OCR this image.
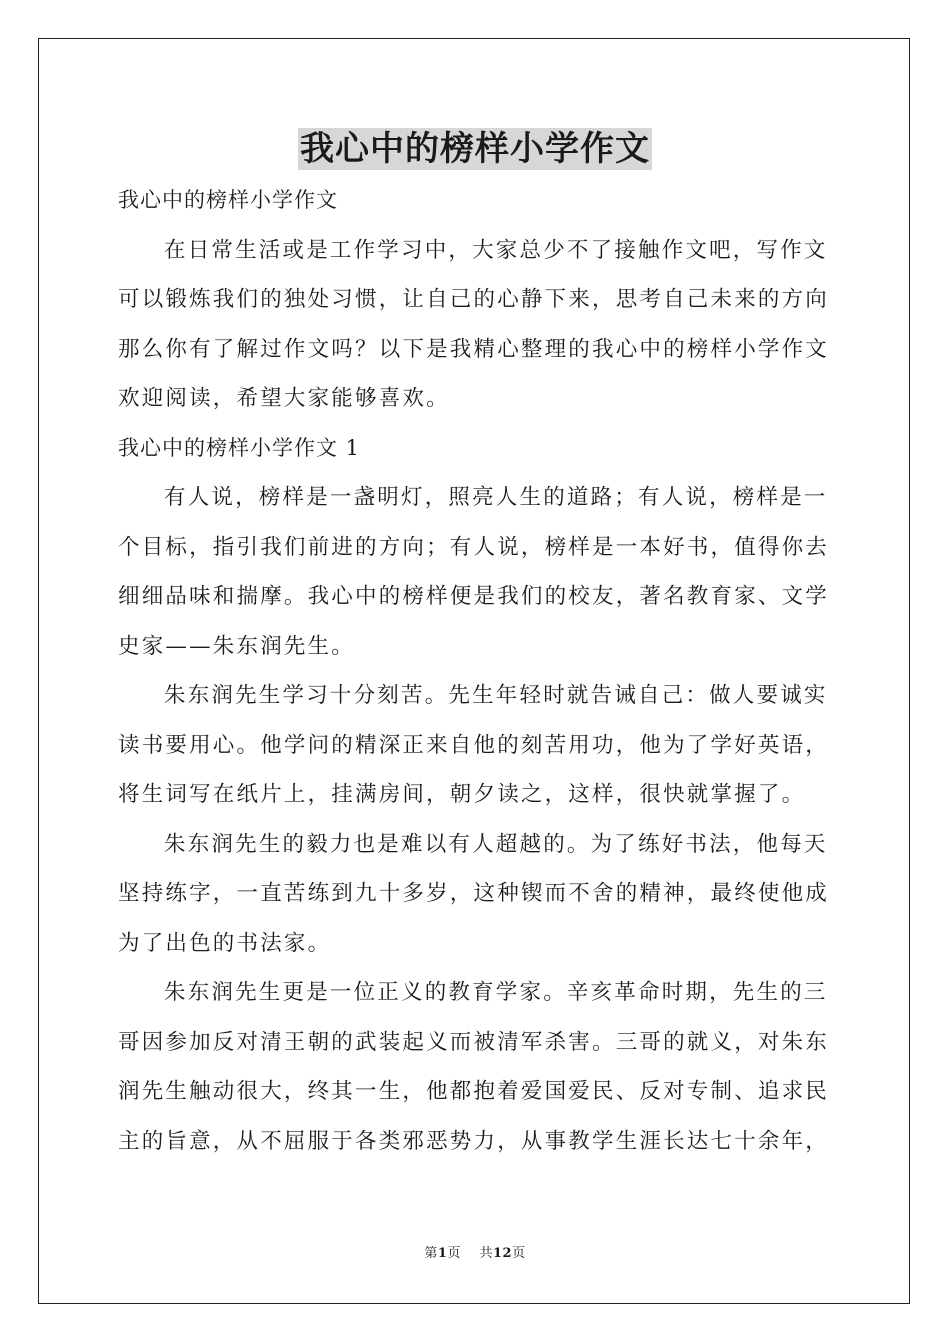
我心中的榜样小学作文
我心中的榜样小学作文
在日常生活或是工作学习中，大家总少不了接触作文吧，写作文
可以锻炼我们的独处习惯，让自己的心静下来，思考自己未来的方向
那么你有了解过作文吗？以下是我精心整理的我心中的榜样小学作文
欢迎阅读，希望大家能够喜欢。
我心中的榜样小学作文 1
有人说，榜样是一盏明灯，照亮人生的道路；有人说，榜样是一
个目标，指引我们前进的方向；有人说，榜样是一本好书，值得你去
细细品味和揣摩。我心中的榜样便是我们的校友，著名教育家、文学
史家——朱东润先生。
朱东润先生学习十分刻苦。先生年轻时就告诫自己：做人要诚实
读书要用心。他学问的精深正来自他的刻苦用功，他为了学好英语，
将生词写在纸片上，挂满房间，朝夕读之，这样，很快就掌握了。
朱东润先生的毅力也是难以有人超越的。为了练好书法，他每天
坚持练字，一直苦练到九十多岁，这种锲而不舍的精神，最终使他成
为了出色的书法家。
朱东润先生更是一位正义的教育学家。辛亥革命时期，先生的三
哥因参加反对清王朝的武装起义而被清军杀害。三哥的就义，对朱东
润先生触动很大，终其一生，他都抱着爱国爱民、反对专制、追求民
主的旨意，从不屈服于各类邪恶势力，从事教学生涯长达七十余年，
第1页 共12页
